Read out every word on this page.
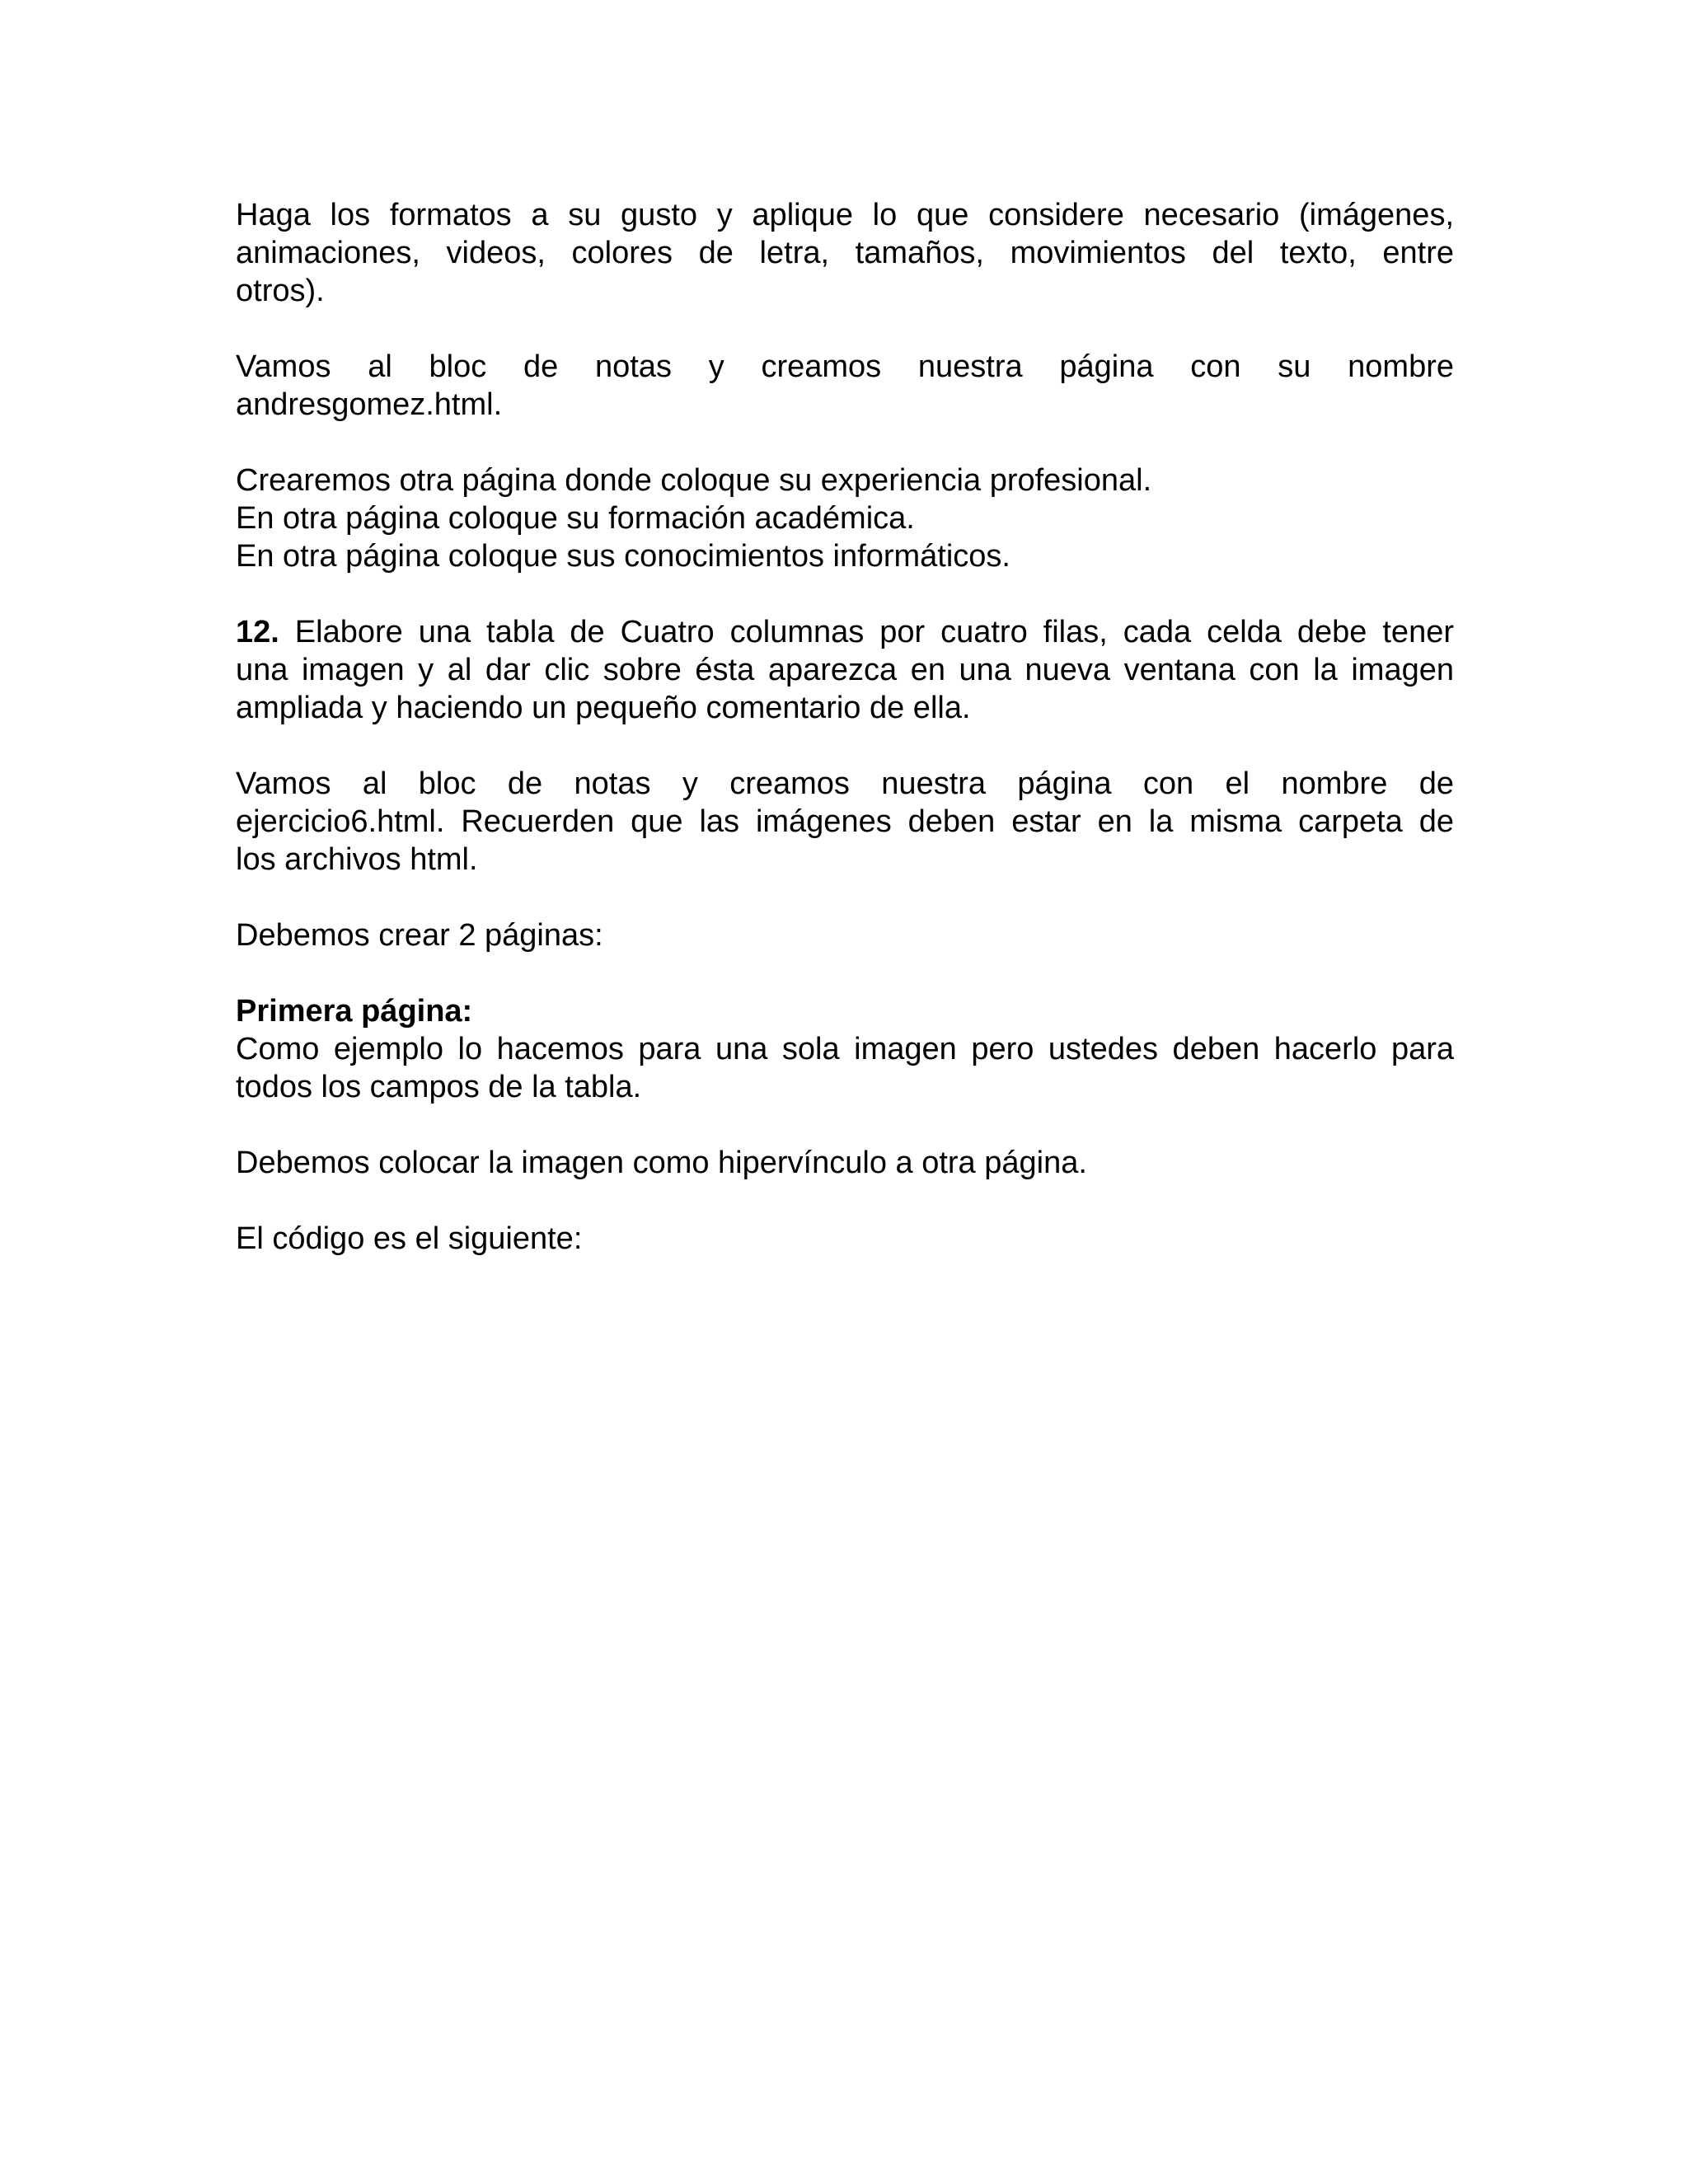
Haga los formatos a su gusto y aplique lo que considere necesario (imágenes,
animaciones, videos, colores de letra, tamaños, movimientos del texto, entre
otros).

Vamos al bloc de notas y creamos nuestra página con su nombre
andresgomez.html.

Crearemos otra página donde coloque su experiencia profesional.
En otra página coloque su formación académica.
En otra página coloque sus conocimientos informáticos.

12. Elabore una tabla de Cuatro columnas por cuatro filas, cada celda debe tener
una imagen y al dar clic sobre ésta aparezca en una nueva ventana con la imagen
ampliada y haciendo un pequeño comentario de ella.

Vamos al bloc de notas y creamos nuestra página con el nombre de
ejercicio6.html. Recuerden que las imágenes deben estar en la misma carpeta de
los archivos html.

Debemos crear 2 páginas:

Primera página:
Como ejemplo lo hacemos para una sola imagen pero ustedes deben hacerlo para
todos los campos de la tabla.

Debemos colocar la imagen como hipervínculo a otra página.

El código es el siguiente:
